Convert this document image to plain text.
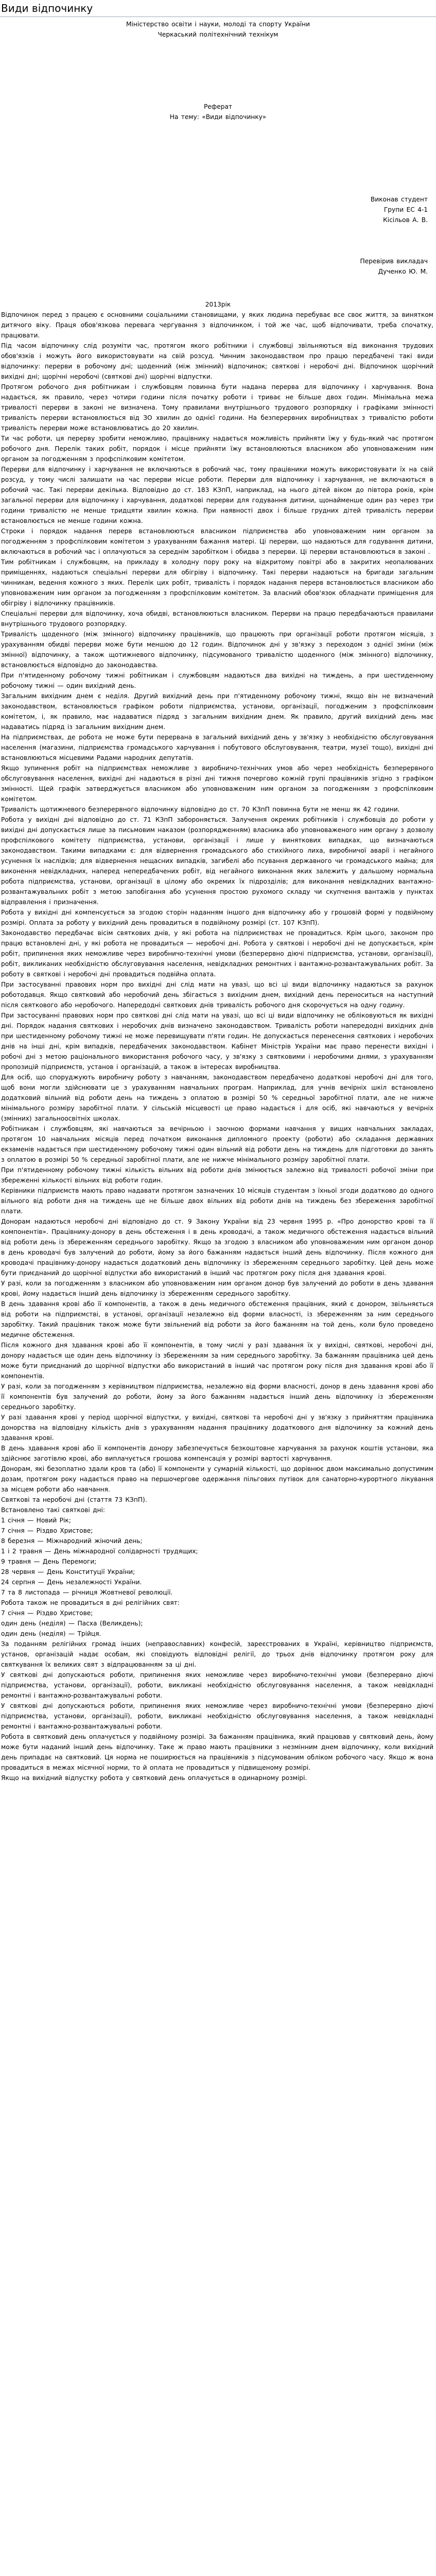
Види відпочинку

Міністерство освіти і науки, молоді та спорту України

Черкаський політехнічний технікум

Реферат

На тему: «Види відпочинку»

Виконав студент

Групи ЕС 4-1

Кісільов А. В.

Перевірив викладач

Дученко Ю. М.

2013рік

Відпочинок перед з працею є основними соціальними становищами, у яких людина перебуває все своє життя, за винятком дитячого віку. Праця обов'язкова перевага чергування з відпочинком, і той же час, щоб відпочивати, треба спочатку, працювати.

Під часом відпочинку слід розуміти час, протягом якого робітники і службовці звільняються від виконання трудових обов'язків і можуть його використовувати на свій розсуд. Чинним законодавством про працю передбачені такі види відпочинку: перерви в робочому дні; щоденний (між змінний) відпочинок; святкові і неробочі дні. Відпочинок щорічний вихідні дні; щорічні неробочі (святкові дні) щорічні відпустки.

Протягом робочого дня робітникам і службовцям повинна бути надана перерва для відпочинку і харчування. Вона надається, як правило, через чотири години після початку роботи і триває не більше двох годин. Мінімальна межа тривалості перерви в законі не визначена. Тому правилами внутрішнього трудового розпорядку і графіками змінності тривалість перерви встановлюється від ЗО хвилин до однієї години. На безперервних виробництвах з тривалістю роботи тривалість перерви може встановлюватись до 20 хвилин.

Ти час роботи, ця перерву зробити неможливо, працівнику надається можливість прийняти їжу у будь-який час протягом робочого дня. Перелік таких робіт, порядок і місце прийняти їжу встановлюються власником або уповноваженим ним органом за погодженням з профспілковим комітетом.

Перерви для відпочинку і харчування не включаються в робочий час, тому працівники можуть використовувати їх на свій розсуд, у тому числі залишати на час перерви місце роботи. Перерви для відпочинку і харчування, не включаються в робочий час. Такі перерви декілька. Відповідно до ст. 183 КЗпП, наприклад, на нього дітей віком до півтора років, крім загальної перерви для відпочинку і харчування, додаткові перерви для годування дитини, щонайменше один раз через три години тривалістю не менше тридцяти хвилин кожна. При наявності двох і більше грудних дітей тривалість перерви встановлюється не менше години кожна.

Строки і порядок надання перерв встановлюються власником підприємства або уповноваженим ним органом за погодженням з профспілковим комітетом з урахуванням бажання матері. Ці перерви, що надаються для годування дитини, включаються в робочий час і оплачуються за середнім заробітком і обидва з перерви. Ці перерви встановлюються в законі .

Тим робітникам і службовцям, на прикладу в холодну пору року на відкритому повітрі або в закритих неопалюваних приміщеннях, надаються спеціальні перерви для обігріву і відпочинку. Такі перерви надаються на бригади загальним чинникам, ведення кожного з яких. Перелік цих робіт, тривалість і порядок надання перерв встановлюється власником або уповноваженим ним органом за погодженням з профспілковим комітетом. За власний обов'язок обладнати приміщення для обігріву і відпочинку працівників.

Спеціальні перерви для відпочинку, хоча обидві, встановлюються власником. Перерви на працю передбачаються правилами внутрішнього трудового розпорядку.

Тривалість щоденного (між змінного) відпочинку працівників, що працюють при організації роботи протягом місяців, з урахуванням обидві перерви може бути меншою до 12 годин. Відпочинок дні у зв'язку з переходом з однієї зміни (між змінної) відпочинку, а також щотижневого відпочинку, підсумованого тривалістю щоденного (між змінного) відпочинку, встановлюється відповідно до законодавства.

При п'ятиденному робочому тижні робітникам і службовцям надаються два вихідні на тиждень, а при шестиденному робочому тижні — один вихідний день.

Загальним вихідним днем є неділя. Другий вихідний день при п'ятиденному робочому тижні, якщо він не визначений законодавством, встановлюється графіком роботи підприємства, установи, організації, погодженим з профспілковим комітетом, і, як правило, має надаватися підряд з загальним вихідним днем. Як правило, другий вихідний день має надаватись підряд із загальним вихідним днем.

На підприємствах, де робота не може бути перервана в загальний вихідний день у зв'язку з необхідністю обслуговування населення (магазини, підприємства громадського харчування і побутового обслуговування, театри, музеї тощо), вихідні дні встановлюються місцевими Радами народних депутатів.

Якщо зупинення робіт на підприємствах неможливе з виробничо-технічних умов або через необхідність безперервного обслуговування населення, вихідні дні надаються в різні дні тижня почергово кожній групі працівників згідно з графіком змінності. Щей графік затверджується власником або уповноваженим ним органом за погодженням з профспілковим комітетом.

Тривалість щотижневого безперервного відпочинку відповідно до ст. 70 КЗпП повинна бути не менш як 42 години.

Робота у вихідні дні відповідно до ст. 71 КЗпП забороняється. Залучення окремих робітників і службовців до роботи у вихідні дні допускається лише за письмовим наказом (розпорядженням) власника або уповноваженого ним органу з дозволу профспілкового комітету підприємства, установи, організації і лише у виняткових випадках, що визначаються законодавством. Такими випадками є: для відвернення громадського або стихійного лиха, виробничої аварії і негайного усунення їх наслідків; для відвернення нещасних випадків, загибелі або псування державного чи громадського майна; для виконення невідкладних, наперед непередбачених робіт, від негайного виконання яких залежить у дальшому нормальна робота підприємства, установи, організації в цілому або окремих їх підрозділів; для виконання невідкладних вантажно-розвантажувальних робіт з метою запобігання або усунення простою рухомого складу чи скупчення вантажів у пунктах відправлення і призначення.

Робота у вихідні дні компенсується за згодою сторін наданням іншого дня відпочинку або у грошовій формі у подвійному розмірі. Оплата за роботу у вихідний день провадиться в подвійному розмірі (ст. 107 КЗпП).

Законодавство передбачає вісім святкових днів, у які робота на підприємствах не провадиться. Крім цього, законом про працю встановлені дні, у які робота не провадиться — неробочі дні. Робота у святкові і неробочі дні не допускається, крім робіт, припинення яких неможливе через виробничо-технічні умови (безперервно діючі підприємства, установи, організації), робіт, викликаних необхідністю обслуговування населення, невідкладних ремонтних і вантажно-розвантажувальних робіт. За роботу в святкові і неробочі дні провадиться подвійна оплата.

При застосуванні правових норм про вихідні дні слід мати на увазі, що всі ці види відпочинку надаються за рахунок роботодавця. Якщо святковий або неробочий день збігається з вихідним днем, вихідний день переноситься на наступний після святкового або неробочого. Напередодні святкових днів тривалість робочого дня скорочується на одну годину.

При застосуванні правових норм про святкові дні слід мати на увазі, що всі ці види відпочинку не обліковуються як вихідні дні. Порядок надання святкових і неробочих днів визначено законодавством. Тривалість роботи напередодні вихідних днів при шестиденному робочому тижні не може перевищувати п'яти годин. Не допускається перенесення святкових і неробочих днів на інші дні, крім випадків, передбачених законодавством. Кабінет Міністрів України має право перенести вихідні і робочі дні з метою раціонального використання робочого часу, у зв'язку з святковими і неробочими днями, з урахуванням пропозицій підприємств, установ і організацій, а також в інтересах виробництва.

Для осіб, що споруджують виробничу роботу з навчанням, законодавством передбачено додаткові неробочі дні для того, щоб вони могли здійснювати це з урахуванням навчальних програм. Наприклад, для учнів вечірніх шкіл встановлено додатковий вільний від роботи день на тиждень з оплатою в розмірі 50 % середньої заробітної плати, але не нижче мінімального розміру заробітної плати. У сільській місцевості це право надається і для осіб, які навчаються у вечірніх (змінних) загальноосвітніх школах.

Робітникам і службовцям, які навчаються за вечірньою і заочною формами навчання у вищих навчальних закладах, протягом 10 навчальних місяців перед початком виконання дипломного проекту (роботи) або складання державних екзаменів надається при шестиденному робочому тижні один вільний від роботи день на тиждень для підготовки до занять з оплатою в розмірі 50 % середньої заробітної плати, але не нижче мінімального розміру заробітної плати.

При п'ятиденному робочому тижні кількість вільних від роботи днів змінюється залежно від тривалості робочої зміни при збереженні кількості вільних від роботи годин.

Керівники підприємств мають право надавати протягом зазначених 10 місяців студентам з їхньої згоди додатково до одного вільного від роботи дня на тиждень ще не більше двох вільних від роботи днів на тиждень без збереження заробітної плати.

Донорам надаються неробочі дні відповідно до ст. 9 Закону України від 23 червня 1995 р. «Про донорство крові та її компонентів». Працівнику-донору в день обстеження і в день кроводачі, а також медичного обстеження надається вільний від роботи день із збереженням середнього заробітку. Якщо за згодою з власником або уповноваженим ним органом донор в день кроводачі був залучений до роботи, йому за його бажанням надається інший день відпочинку. Після кожного дня кроводачі працівнику-донору надається додатковий день відпочинку із збереженням середнього заробітку. Цей день може бути приєднаний до щорічної відпустки або використаний в інший час протягом року після дня здавання крові.

У разі, коли за погодженням з власником або уповноваженим ним органом донор був залучений до роботи в день здавання крові, йому надається інший день відпочинку із збереженням середнього заробітку.

В день здавання крові або її компонентів, а також в день медичного обстеження працівник, який є донором, звільняється від роботи на підприємстві, в установі, організації незалежно від форми власності, із збереженням за ним середнього заробітку. Такий працівник також може бути звільнений від роботи за його бажанням на той день, коли було проведено медичне обстеження.

Після кожного дня здавання крові або її компонентів, в тому числі у разі здавання їх у вихідні, святкові, неробочі дні, донору надається ще один день відпочинку із збереженням за ним середнього заробітку. За бажанням працівника цей день може бути приєднаний до щорічної відпустки або використаний в інший час протягом року після дня здавання крові або її компонентів.

У разі, коли за погодженням з керівництвом підприємства, незалежно від форми власності, донор в день здавання крові або її компонентів був залучений до роботи, йому за його бажанням надається інший день відпочинку із збереженням середнього заробітку.

У разі здавання крові у період щорічної відпустки, у вихідні, святкові та неробочі дні у зв'язку з прийняттям працівника донорства на відповідну кількість днів з урахуванням надання працівнику додаткового дня відпочинку за кожний день здавання крові.

В день здавання крові або її компонентів донору забезпечується безкоштовне харчування за рахунок коштів установи, яка здійснює заготівлю крові, або виплачується грошова компенсація у розмірі вартості харчування.

Донорам, які безоплатно здали кров та (або) її компоненти у сумарній кількості, що дорівнює двом максимально допустимим дозам, протягом року надається право на першочергове одержання пільгових путівок для санаторно-курортного лікування за місцем роботи або навчання.

Святкові та неробочі дні (стаття 73 КЗпП).

Встановлено такі святкові дні:

1 січня — Новий Рік;

7 січня — Різдво Христове;

8 березня — Міжнародний жіночий день;

1 і 2 травня — День міжнародної солідарності трудящих;

9 травня — День Перемоги;

28 червня — День Конституції України;

24 серпня — День незалежності України.

7 та 8 листопада — річниця Жовтневої революції.

Робота також не провадиться в дні релігійних свят:

7 січня — Різдво Христове;

один день (неділя) — Пасха (Великдень);

один день (неділя) — Трійця.

За поданням релігійних громад інших (неправославних) конфесій, зареєстрованих в Україні, керівництво підприємств, установ, організацій надає особам, які сповідують відповідні релігії, до трьох днів відпочинку протягом року для святкування їх великих свят з відпрацюванням за ці дні.

У святкові дні допускаються роботи, припинення яких неможливе через виробничо-технічні умови (безперервно діючі підприємства, установи, організації), роботи, викликані необхідністю обслуговування населення, а також невідкладні ремонтні і вантажно-розвантажувальні роботи.

У святкові дні допускаються роботи, припинення яких неможливе через виробничо-технічні умови (безперервно діючі підприємства, установи, організації), роботи, викликані необхідністю обслуговування населення, а також невідкладні ремонтні і вантажно-розвантажувальні роботи.

Робота в святковий день оплачується у подвійному розмірі. За бажанням працівника, який працював у святковий день, йому може бути наданий інший день відпочинку. Таке ж право мають працівники з незмінним днем відпочинку, коли вихідний день припадає на святковий. Ця норма не поширюється на працівників з підсумованим обліком робочого часу. Якщо ж вона провадиться в межах місячної норми, то й оплата не провадиться у підвищеному розмірі.

Якщо на вихідний відпустку робота у святковий день оплачується в одинарному розмірі.
